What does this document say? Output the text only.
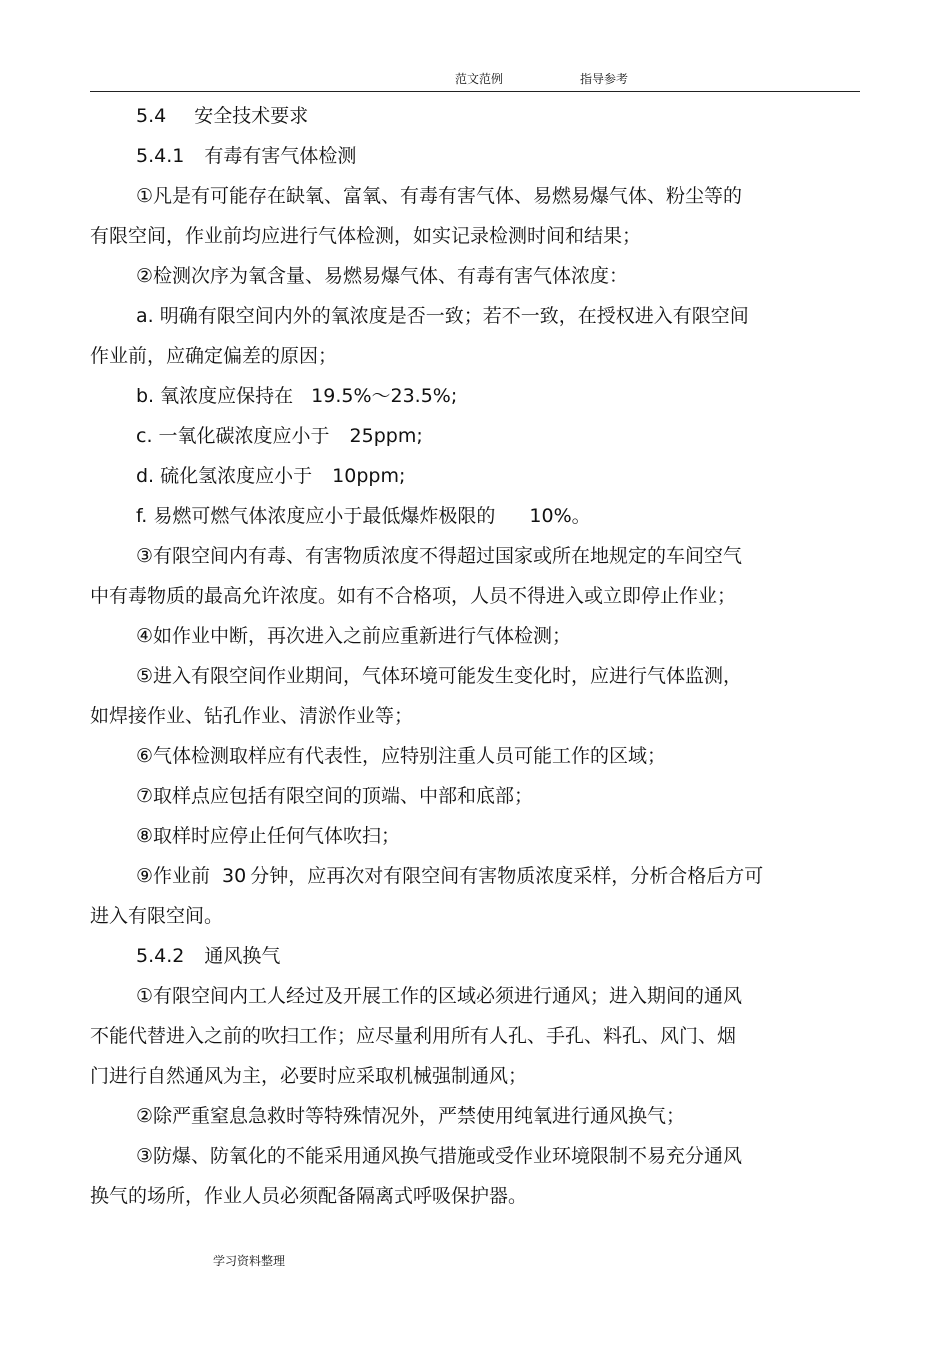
范文范例	指导参考
5.4 安全技术要求
5.4.1 有毒有害气体检测
①凡是有可能存在缺氧、富氧、有毒有害气体、易燃易爆气体、粉尘等的
有限空间，作业前均应进行气体检测，如实记录检测时间和结果；
②检测次序为氧含量、易燃易爆气体、有毒有害气体浓度：
a. 明确有限空间内外的氧浓度是否一致；若不一致，在授权进入有限空间
作业前，应确定偏差的原因；
b. 氧浓度应保持在 19.5%～23.5%;
c. 一氧化碳浓度应小于 25ppm;
d. 硫化氢浓度应小于 10ppm;
f. 易燃可燃气体浓度应小于最低爆炸极限的 10%。
③有限空间内有毒、有害物质浓度不得超过国家或所在地规定的车间空气
中有毒物质的最高允许浓度。如有不合格项，人员不得进入或立即停止作业；
④如作业中断，再次进入之前应重新进行气体检测；
⑤进入有限空间作业期间，气体环境可能发生变化时，应进行气体监测，
如焊接作业、钻孔作业、清淤作业等；
⑥气体检测取样应有代表性，应特别注重人员可能工作的区域；
⑦取样点应包括有限空间的顶端、中部和底部；
⑧取样时应停止任何气体吹扫；
⑨作业前 30 分钟，应再次对有限空间有害物质浓度采样，分析合格后方可
进入有限空间。
5.4.2 通风换气
①有限空间内工人经过及开展工作的区域必须进行通风；进入期间的通风
不能代替进入之前的吹扫工作；应尽量利用所有人孔、手孔、料孔、风门、烟
门进行自然通风为主，必要时应采取机械强制通风；
②除严重窒息急救时等特殊情况外，严禁使用纯氧进行通风换气；
③防爆、防氧化的不能采用通风换气措施或受作业环境限制不易充分通风
换气的场所，作业人员必须配备隔离式呼吸保护器。
学习资料整理
